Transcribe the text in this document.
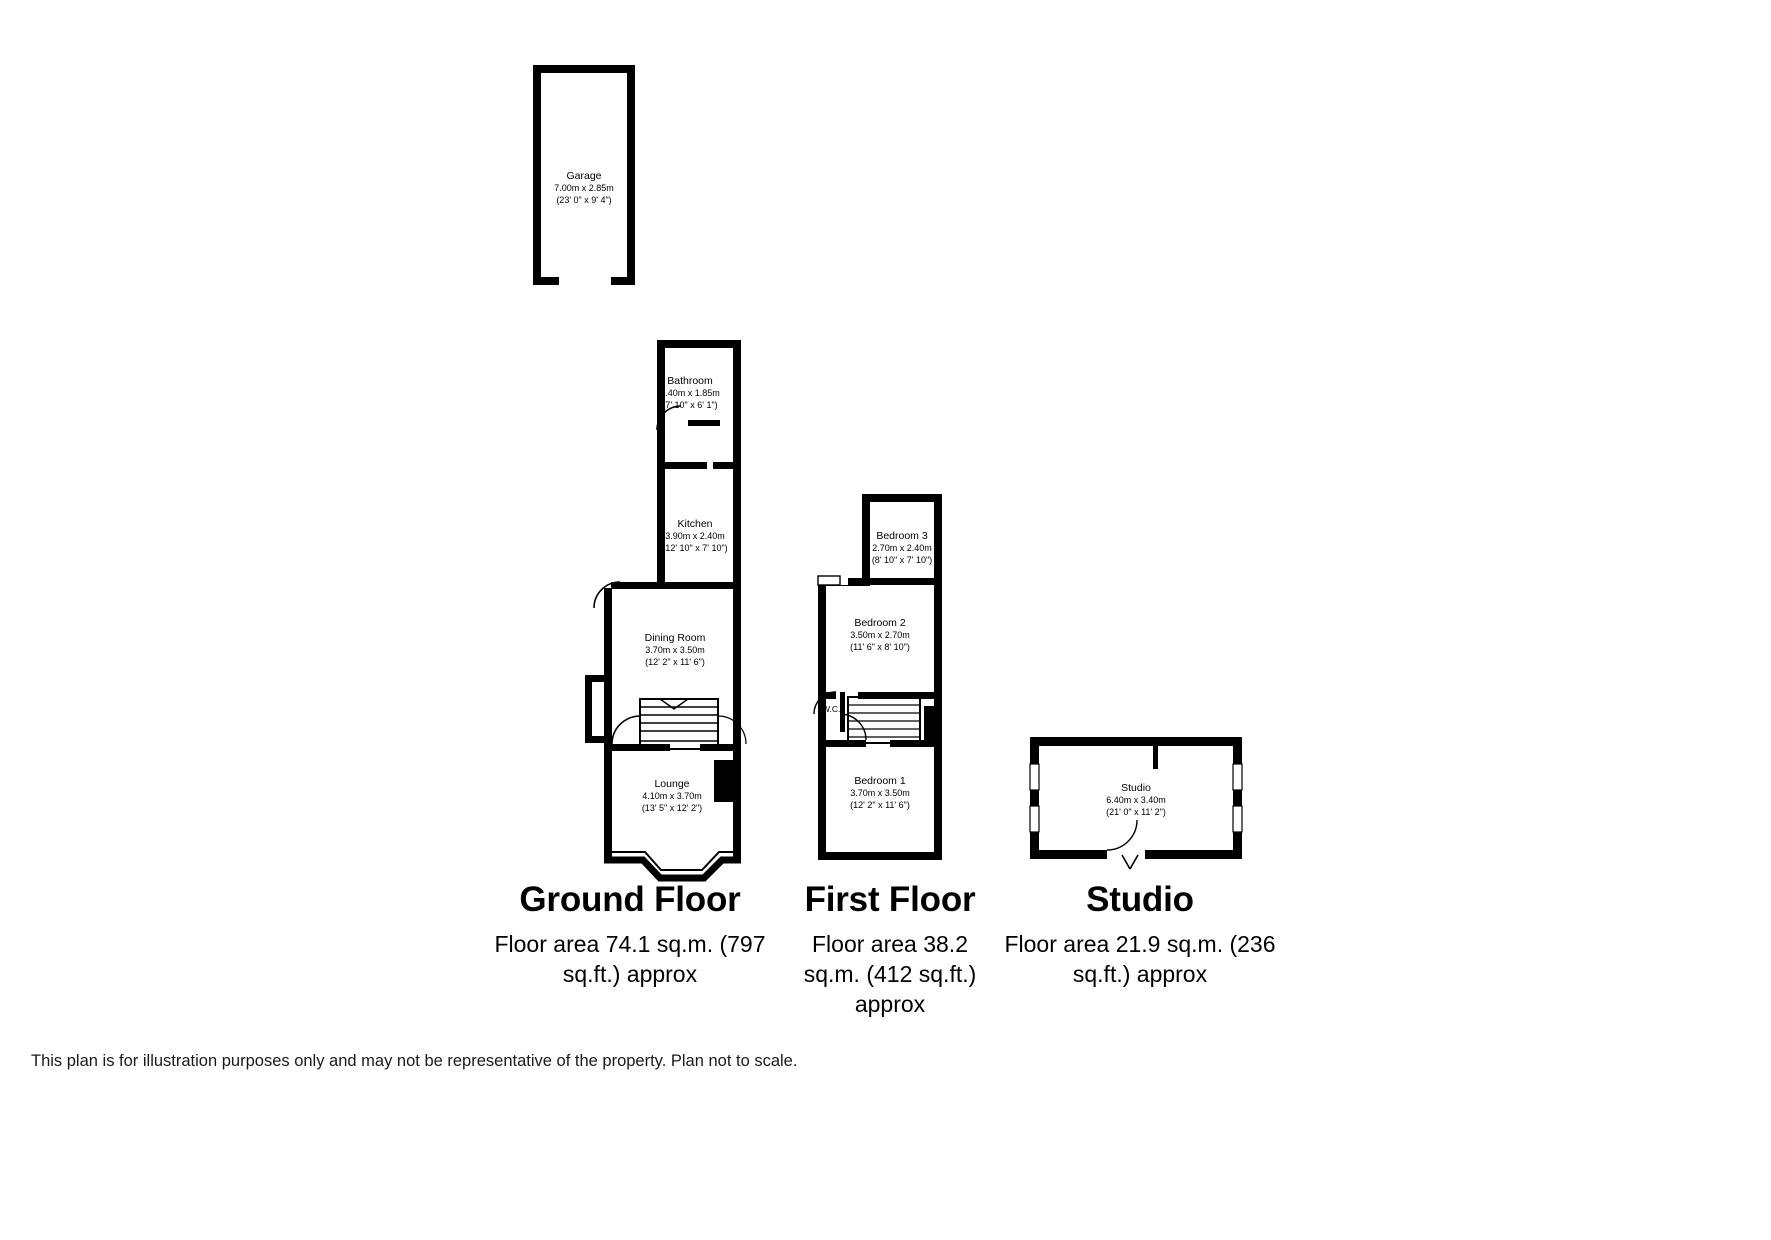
Garage
7.00m x 2.85m
(23' 0" x 9' 4")
Bathroom
2.40m x 1.85m
(7' 10" x 6' 1")
Kitchen
3.90m x 2.40m
(12' 10" x 7' 10")
Dining Room
3.70m x 3.50m
(12' 2" x 11' 6")
Lounge
4.10m x 3.70m
(13' 5" x 12' 2")
Bedroom 3
2.70m x 2.40m
(8' 10" x 7' 10")
Bedroom 2
3.50m x 2.70m
(11' 6" x 8' 10")
Bedroom 1
3.70m x 3.50m
(12' 2" x 11' 6")
Studio
6.40m x 3.40m
(21' 0" x 11' 2")
W.C.
Ground Floor
Floor area 74.1 sq.m. (797 sq.ft.) approx
First Floor
Floor area 38.2 sq.m. (412 sq.ft.) approx
Studio
Floor area 21.9 sq.m. (236 sq.ft.) approx
This plan is for illustration purposes only and may not be representative of the property. Plan not to scale.
